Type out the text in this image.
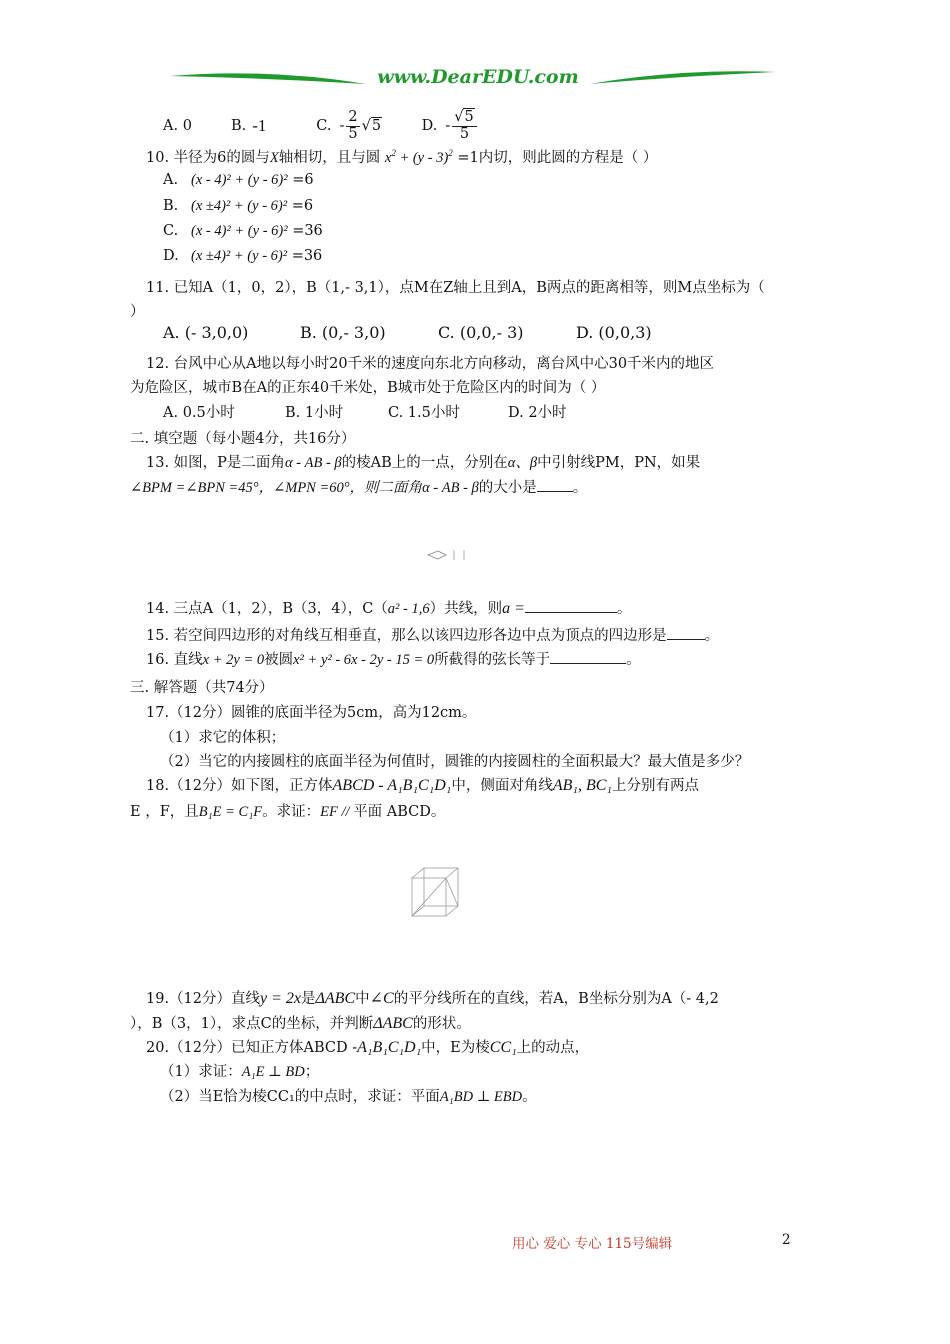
www.DearEDU.com
A. 0	B. -1	C. - $\frac{2}{5} √5$	D. - $\frac{√5}{5}$
10. 半径为6的圆与X轴相切，且与圆 $x^2 + (y - 3)^2 =1$内切，则此圆的方程是（ ）
A. (x - 4)² + (y - 6)² =6
B. (x ±4)² + (y - 6)² =6
C. (x - 4)² + (y - 6)² =36
D. (x ±4)² + (y - 6)² =36
11. 已知A（1，0，2），B（1,- 3,1），点M在Z轴上且到A，B两点的距离相等，则M点坐标为（
）
A. (- 3,0,0)	B. (0,- 3,0)	C. (0,0,- 3)	D. (0,0,3)
12. 台风中心从A地以每小时20千米的速度向东北方向移动，离台风中心30千米内的地区
为危险区，城市B在A的正东40千米处，B城市处于危险区内的时间为（ ）
A. 0.5小时	B. 1小时	C. 1.5小时	D. 2小时
二. 填空题（每小题4分，共16分）
13. 如图，P是二面角α - AB - β的棱AB上的一点，分别在α、β中引射线PM，PN，如果
∠BPM =∠BPN =45°，∠MPN =60°，则二面角α - AB - β的大小是 。
14. 三点A（1，2），B（3，4），C（a² - 1,6）共线，则a =	。
15. 若空间四边形的对角线互相垂直，那么以该四边形各边中点为顶点的四边形是	。
16. 直线x + 2y = 0被圆x² + y² - 6x - 2y - 15 = 0所截得的弦长等于	。
三. 解答题（共74分）
17.（12分）圆锥的底面半径为5cm，高为12cm。
（1）求它的体积；
（2）当它的内接圆柱的底面半径为何值时，圆锥的内接圆柱的全面积最大？最大值是多少？
18.（12分）如下图，正方体ABCD - A₁B₁C₁D₁中，侧面对角线AB₁, BC₁上分别有两点
E ，F，且B₁E = C₁F。求证：EF // 平面 ABCD。
19.（12分）直线y = 2x是ΔABC中∠C的平分线所在的直线，若A，B坐标分别为A（- 4,2
），B（3，1），求点C的坐标，并判断ΔABC的形状。
20.（12分）已知正方体ABCD -A₁B₁C₁D₁中，E为棱CC₁上的动点，
（1）求证：A₁E ⊥ BD；
（2）当E恰为棱CC₁的中点时，求证：平面A₁BD ⊥ EBD。
用心 爱心 专心 115号编辑	2
